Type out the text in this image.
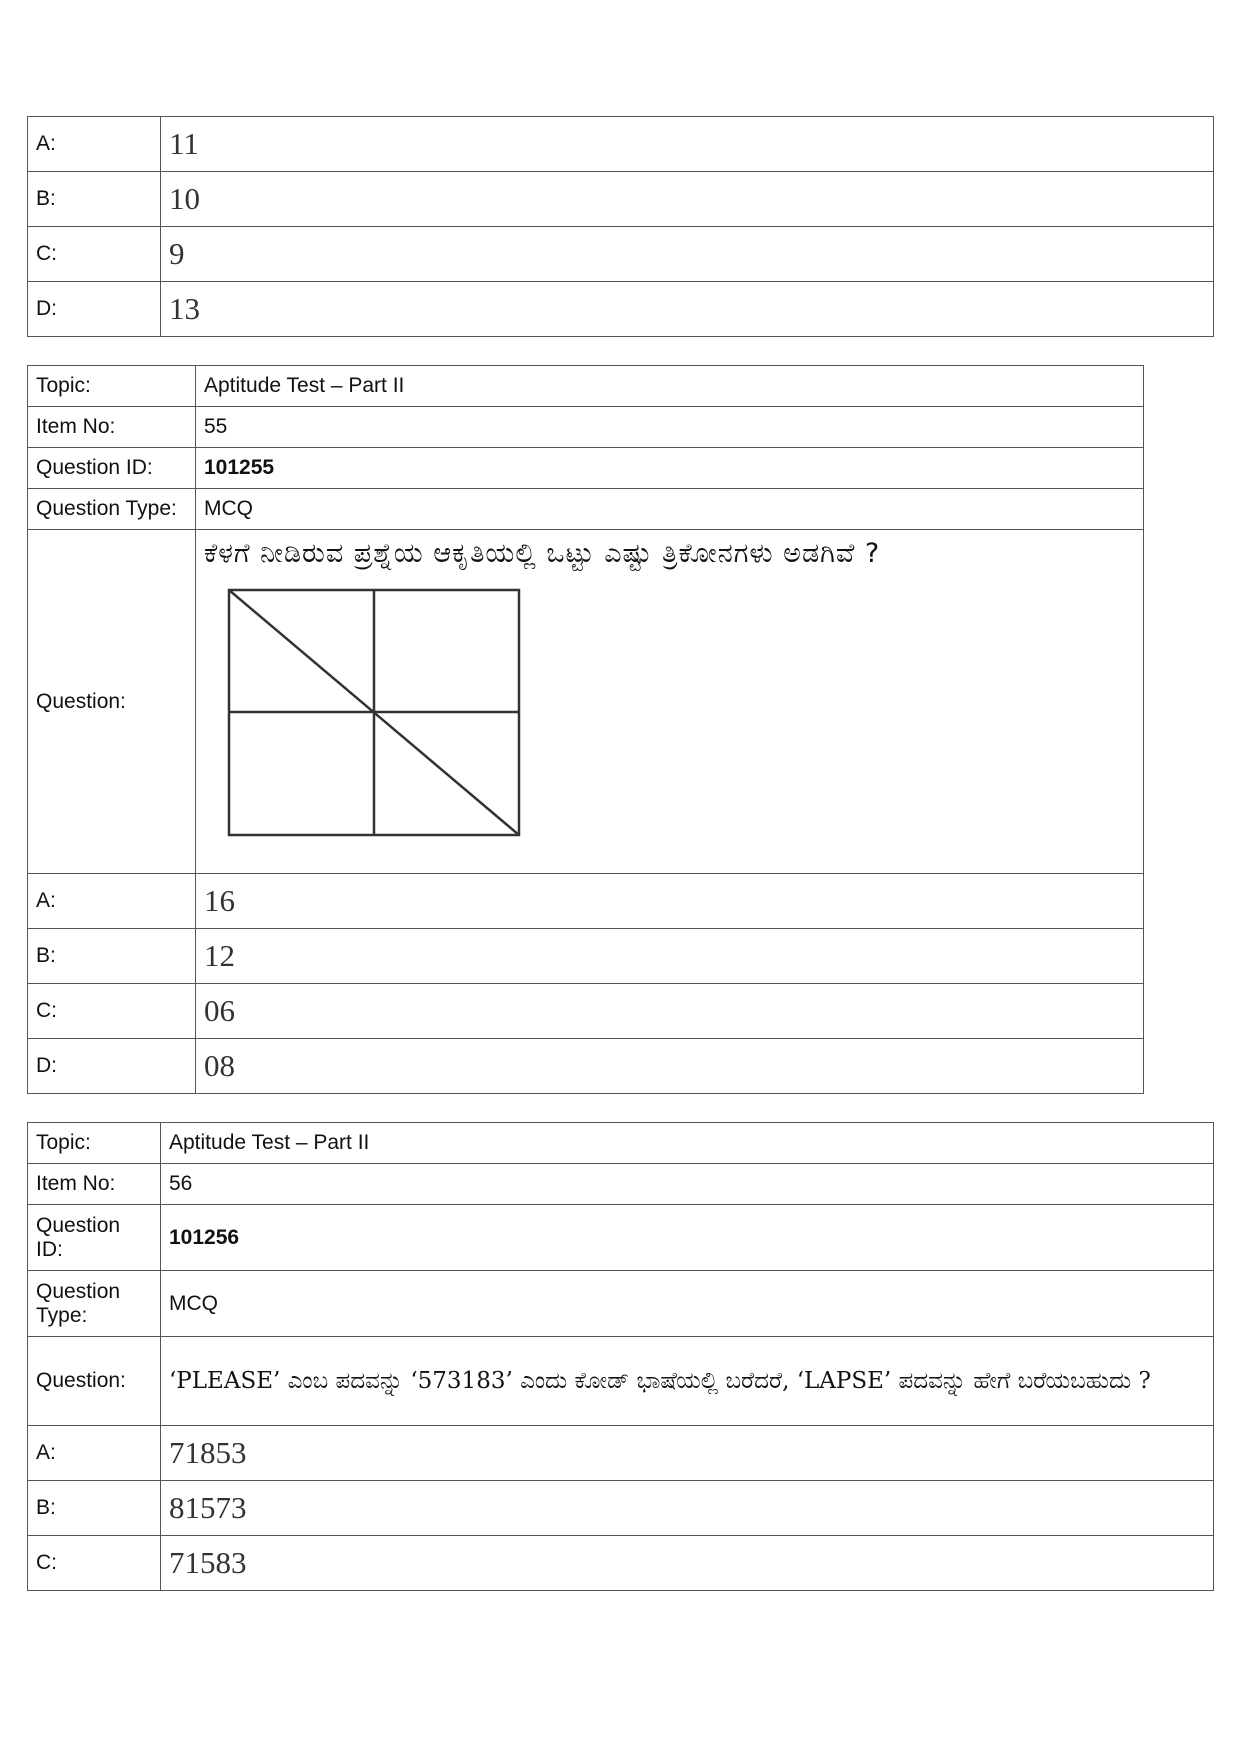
A:	11
B:	10
C:	9
D:	13
Topic:	Aptitude Test – Part II
Item No:	55
Question ID:	101255
Question Type:	MCQ
Question:	ಕೆಳಗೆ ನೀಡಿರುವ ಪ್ರಶ್ನೆಯ ಆಕೃತಿಯಲ್ಲಿ ಒಟ್ಟು ಎಷ್ಟು ತ್ರಿಕೋನಗಳು ಅಡಗಿವೆ ?

A:	16
B:	12
C:	06
D:	08
Topic:	Aptitude Test – Part II
Item No:	56
Question ID:	101256
Question Type:	MCQ
Question:	‘PLEASE’ ಎಂಬ ಪದವನ್ನು ‘573183’ ಎಂದು ಕೋಡ್ ಭಾಷೆಯಲ್ಲಿ ಬರೆದರೆ, ‘LAPSE’ ಪದವನ್ನು ಹೇಗೆ ಬರೆಯಬಹುದು ?
A:	71853
B:	81573
C:	71583
